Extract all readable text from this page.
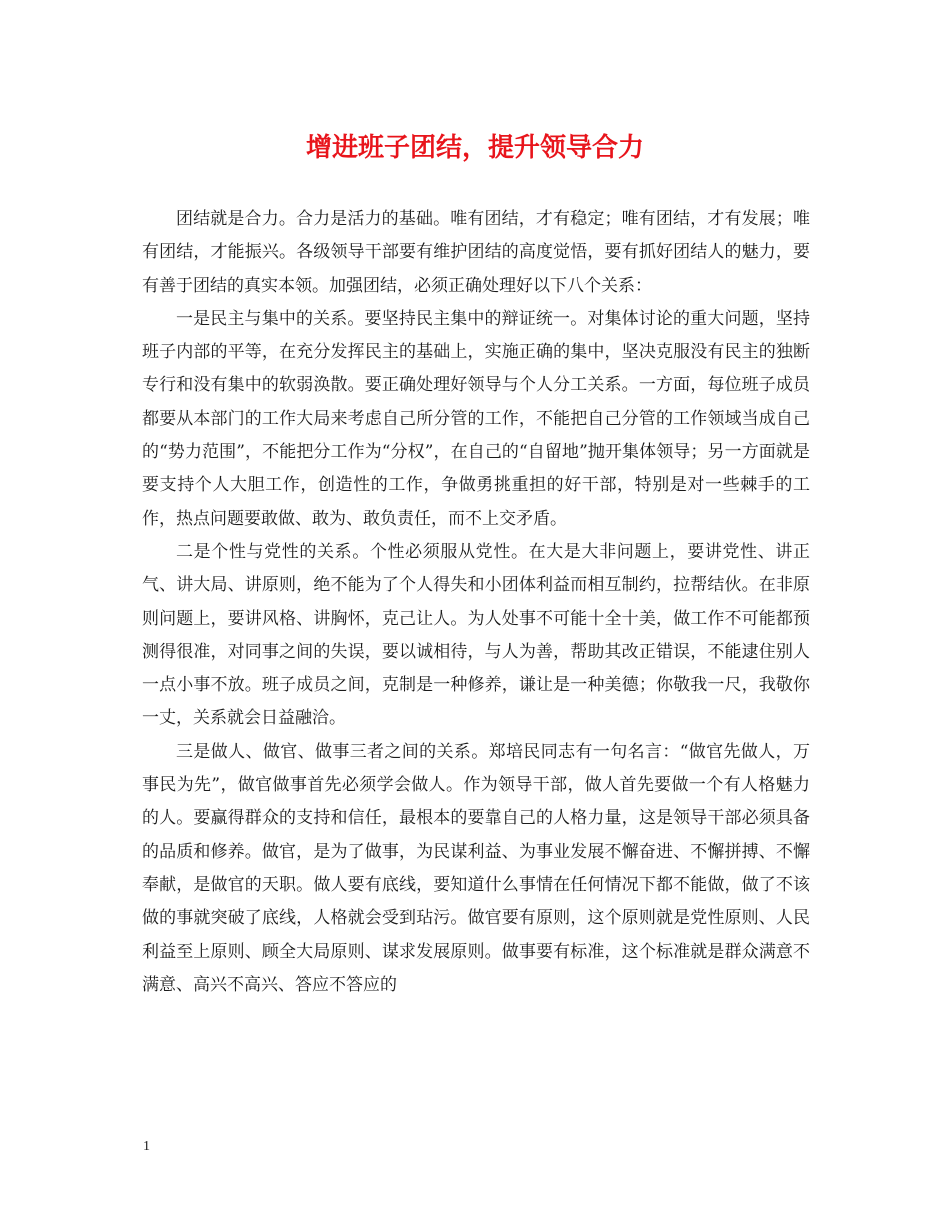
增进班子团结，提升领导合力

团结就是合力。合力是活力的基础。唯有团结，才有稳定；唯有团结，才有发展；唯有团结，才能振兴。各级领导干部要有维护团结的高度觉悟，要有抓好团结人的魅力，要有善于团结的真实本领。加强团结，必须正确处理好以下八个关系：

一是民主与集中的关系。要坚持民主集中的辩证统一。对集体讨论的重大问题，坚持班子内部的平等，在充分发挥民主的基础上，实施正确的集中，坚决克服没有民主的独断专行和没有集中的软弱涣散。要正确处理好领导与个人分工关系。一方面，每位班子成员都要从本部门的工作大局来考虑自己所分管的工作，不能把自己分管的工作领域当成自己的“势力范围”，不能把分工作为“分权”，在自己的“自留地”抛开集体领导；另一方面就是要支持个人大胆工作，创造性的工作，争做勇挑重担的好干部，特别是对一些棘手的工作，热点问题要敢做、敢为、敢负责任，而不上交矛盾。

二是个性与党性的关系。个性必须服从党性。在大是大非问题上，要讲党性、讲正气、讲大局、讲原则，绝不能为了个人得失和小团体利益而相互制约，拉帮结伙。在非原则问题上，要讲风格、讲胸怀，克己让人。为人处事不可能十全十美，做工作不可能都预测得很准，对同事之间的失误，要以诚相待，与人为善，帮助其改正错误，不能逮住别人一点小事不放。班子成员之间，克制是一种修养，谦让是一种美德；你敬我一尺，我敬你一丈，关系就会日益融洽。

三是做人、做官、做事三者之间的关系。郑培民同志有一句名言：“做官先做人，万事民为先”，做官做事首先必须学会做人。作为领导干部，做人首先要做一个有人格魅力的人。要赢得群众的支持和信任，最根本的要靠自己的人格力量，这是领导干部必须具备的品质和修养。做官，是为了做事，为民谋利益、为事业发展不懈奋进、不懈拼搏、不懈奉献，是做官的天职。做人要有底线，要知道什么事情在任何情况下都不能做，做了不该做的事就突破了底线，人格就会受到玷污。做官要有原则，这个原则就是党性原则、人民利益至上原则、顾全大局原则、谋求发展原则。做事要有标准，这个标准就是群众满意不满意、高兴不高兴、答应不答应的

1
